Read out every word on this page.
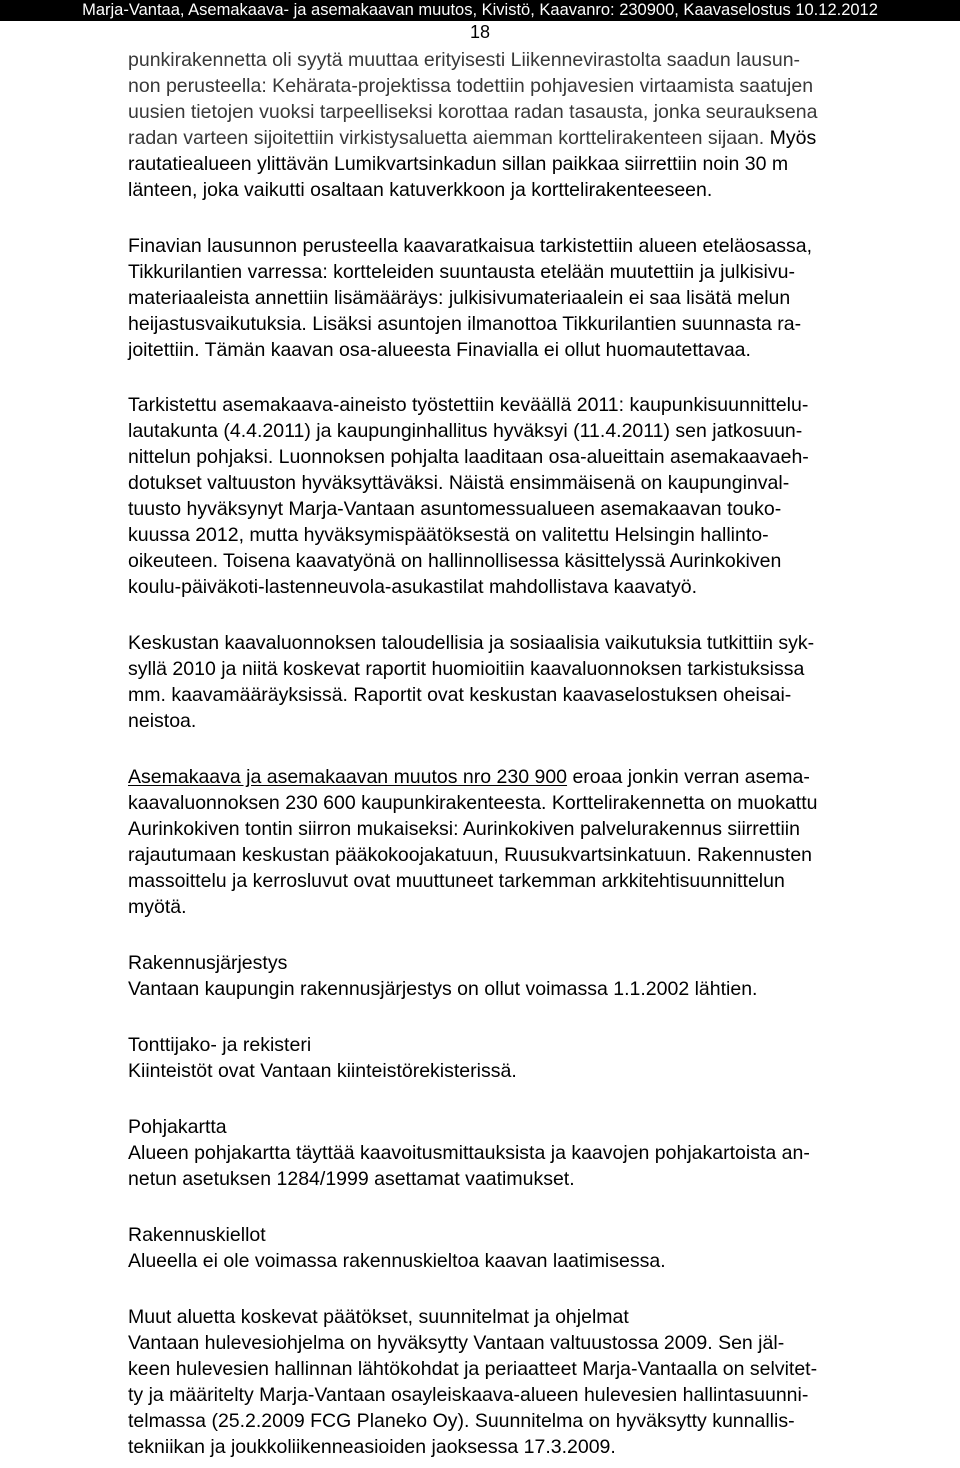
Marja-Vantaa, Asemakaava- ja asemakaavan muutos, Kivistö, Kaavanro: 230900, Kaavaselostus 10.12.2012
18
punkirakennetta oli syytä muuttaa erityisesti Liikennevirastolta saadun lausun-
non perusteella: Kehärata-projektissa todettiin pohjavesien virtaamista saatujen
uusien tietojen vuoksi tarpeelliseksi korottaa radan tasausta, jonka seurauksena
radan varteen sijoitettiin virkistysaluetta aiemman korttelirakenteen sijaan. Myös
rautatiealueen ylittävän Lumikvartsinkadun sillan paikkaa siirrettiin noin 30 m
länteen, joka vaikutti osaltaan katuverkkoon ja korttelirakenteeseen.
Finavian lausunnon perusteella kaavaratkaisua tarkistettiin alueen eteläosassa,
Tikkurilantien varressa: kortteleiden suuntausta etelään muutettiin ja julkisivu-
materiaaleista annettiin lisämääräys: julkisivumateriaalein ei saa lisätä melun
heijastusvaikutuksia. Lisäksi asuntojen ilmanottoa Tikkurilantien suunnasta ra-
joitettiin. Tämän kaavan osa-alueesta Finavialla ei ollut huomautettavaa.
Tarkistettu asemakaava-aineisto työstettiin keväällä 2011: kaupunkisuunnittelu-
lautakunta (4.4.2011) ja kaupunginhallitus hyväksyi (11.4.2011) sen jatkosuun-
nittelun pohjaksi. Luonnoksen pohjalta laaditaan osa-alueittain asemakaavaeh-
dotukset valtuuston hyväksyttäväksi. Näistä ensimmäisenä on kaupunginval-
tuusto hyväksynyt Marja-Vantaan asuntomessualueen asemakaavan touko-
kuussa 2012, mutta hyväksymispäätöksestä on valitettu Helsingin hallinto-
oikeuteen. Toisena kaavatyönä on hallinnollisessa käsittelyssä Aurinkokiven
koulu-päiväkoti-lastenneuvola-asukastilat mahdollistava kaavatyö.
Keskustan kaavaluonnoksen taloudellisia ja sosiaalisia vaikutuksia tutkittiin syk-
syllä 2010 ja niitä koskevat raportit huomioitiin kaavaluonnoksen tarkistuksissa
mm. kaavamääräyksissä. Raportit ovat keskustan kaavaselostuksen oheisai-
neistoa.
Asemakaava ja asemakaavan muutos nro 230 900 eroaa jonkin verran asema-
kaavaluonnoksen 230 600 kaupunkirakenteesta. Korttelirakennetta on muokattu
Aurinkokiven tontin siirron mukaiseksi: Aurinkokiven palvelurakennus siirrettiin
rajautumaan keskustan pääkokoojakatuun, Ruusukvartsinkatuun. Rakennusten
massoittelu ja kerrosluvut ovat muuttuneet tarkemman arkkitehtisuunnittelun
myötä.
Rakennusjärjestys
Vantaan kaupungin rakennusjärjestys on ollut voimassa 1.1.2002 lähtien.
Tonttijako- ja rekisteri
Kiinteistöt ovat Vantaan kiinteistörekisterissä.
Pohjakartta
Alueen pohjakartta täyttää kaavoitusmittauksista ja kaavojen pohjakartoista an-
netun asetuksen 1284/1999 asettamat vaatimukset.
Rakennuskiellot
Alueella ei ole voimassa rakennuskieltoa kaavan laatimisessa.
Muut aluetta koskevat päätökset, suunnitelmat ja ohjelmat
Vantaan hulevesiohjelma on hyväksytty Vantaan valtuustossa 2009. Sen jäl-
keen hulevesien hallinnan lähtökohdat ja periaatteet Marja-Vantaalla on selvitet-
ty ja määritelty Marja-Vantaan osayleiskaava-alueen hulevesien hallintasuunni-
telmassa (25.2.2009 FCG Planeko Oy). Suunnitelma on hyväksytty kunnallis-
tekniikan ja joukkoliikenneasioiden jaoksessa 17.3.2009.
